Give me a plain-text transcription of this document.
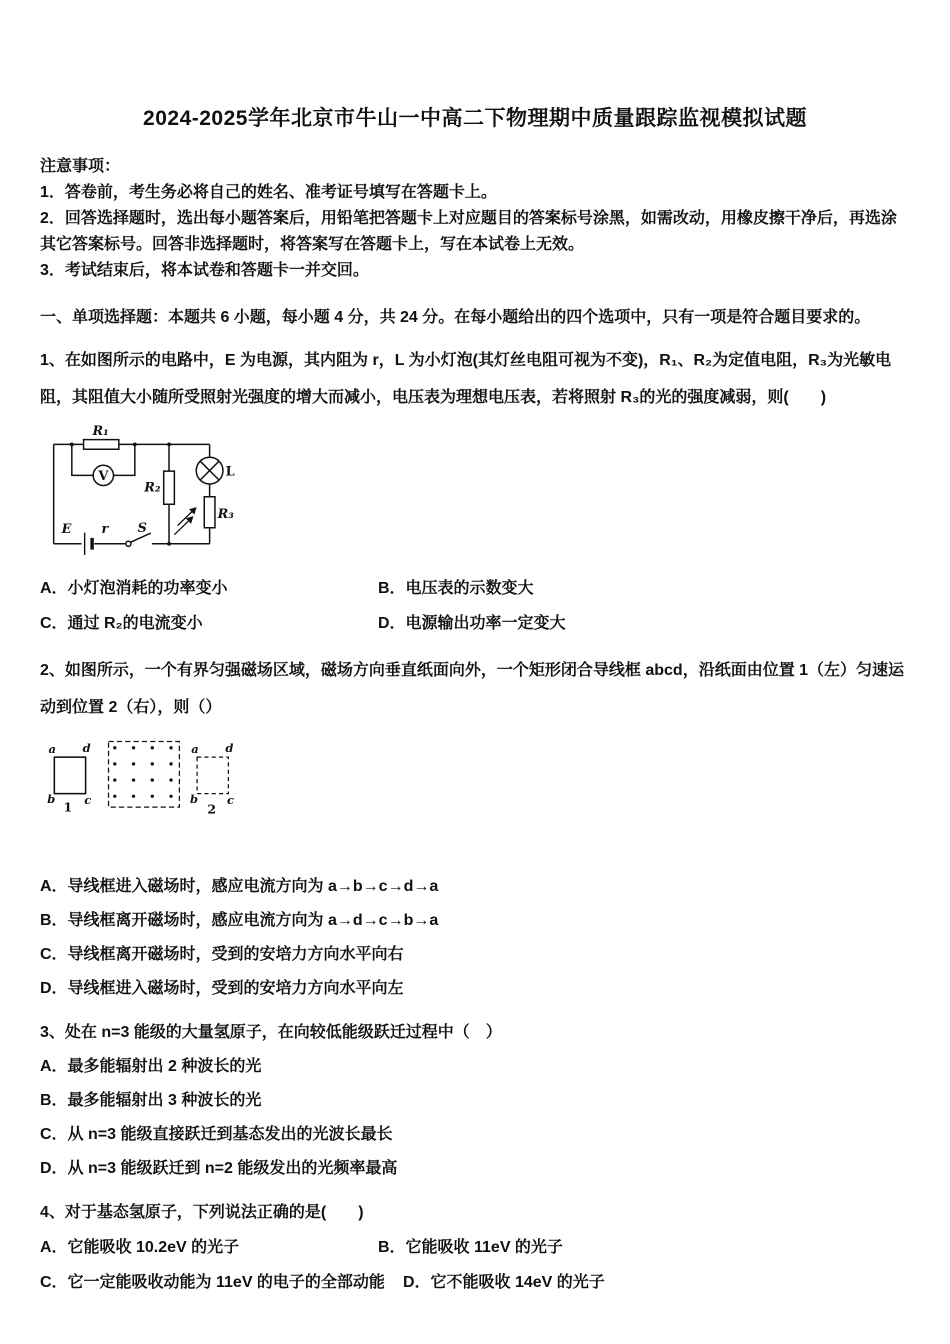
2024-2025学年北京市牛山一中高二下物理期中质量跟踪监视模拟试题

注意事项：

1．答卷前，考生务必将自己的姓名、准考证号填写在答题卡上。

2．回答选择题时，选出每小题答案后，用铅笔把答题卡上对应题目的答案标号涂黑，如需改动，用橡皮擦干净后，再选涂其它答案标号。回答非选择题时，将答案写在答题卡上，写在本试卷上无效。

3．考试结束后，将本试卷和答题卡一并交回。

一、单项选择题：本题共 6 小题，每小题 4 分，共 24 分。在每小题给出的四个选项中，只有一项是符合题目要求的。

1、在如图所示的电路中，E 为电源，其内阻为 r，L 为小灯泡(其灯丝电阻可视为不变)，R₁、R₂为定值电阻，R₃为光敏电阻，其阻值大小随所受照射光强度的增大而减小，电压表为理想电压表，若将照射 R₃的光的强度减弱，则(　　)

R₁
V
R₂
L
R₃
E	r S
A．小灯泡消耗的功率变小	B．电压表的示数变大
C．通过 R₂的电流变小	D．电源输出功率一定变大

2、如图所示，一个有界匀强磁场区域，磁场方向垂直纸面向外，一个矩形闭合导线框 abcd，沿纸面由位置 1（左）匀速运动到位置 2（右），则（）

a d
b	c
1
a d
b	c
2

A．导线框进入磁场时，感应电流方向为 a→b→c→d→a

B．导线框离开磁场时，感应电流方向为 a→d→c→b→a

C．导线框离开磁场时，受到的安培力方向水平向右

D．导线框进入磁场时，受到的安培力方向水平向左

3、处在 n=3 能级的大量氢原子，在向较低能级跃迁过程中（　）

A．最多能辐射出 2 种波长的光

B．最多能辐射出 3 种波长的光

C．从 n=3 能级直接跃迁到基态发出的光波长最长

D．从 n=3 能级跃迁到 n=2 能级发出的光频率最高

4、对于基态氢原子，下列说法正确的是(　　)

A．它能吸收 10.2eV 的光子	B．它能吸收 11eV 的光子
C．它一定能吸收动能为 11eV 的电子的全部动能 D．它不能吸收 14eV 的光子
